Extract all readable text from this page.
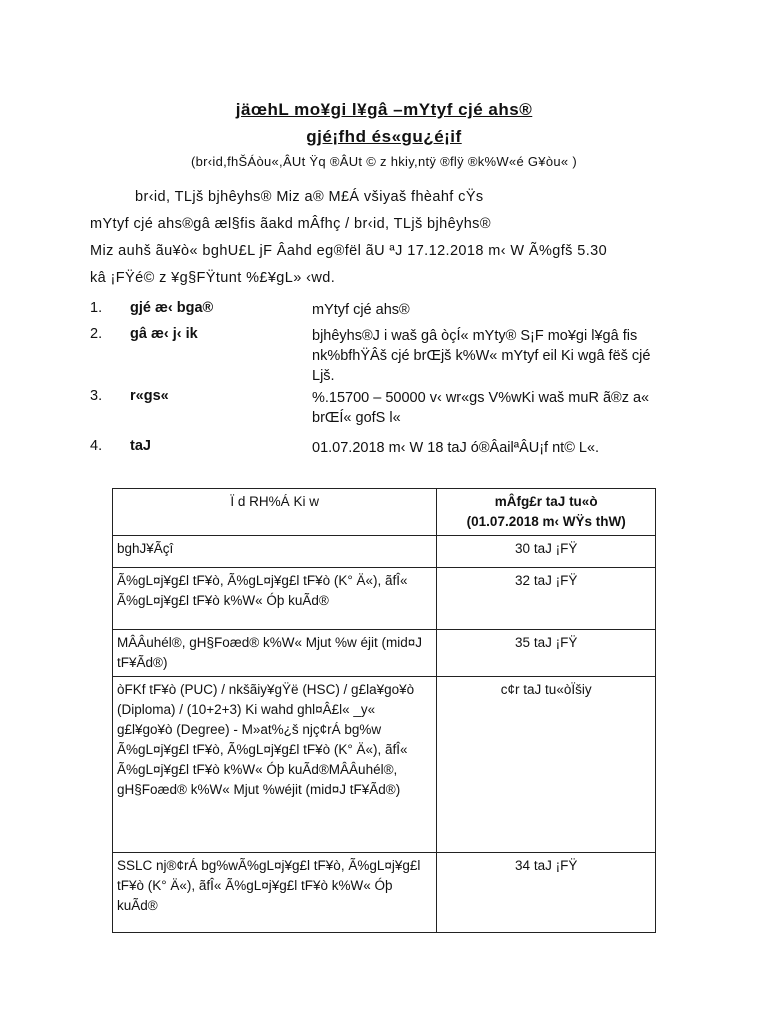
jäœhL mo¥gi l¥gâ –mYtyf cjé ahs®
gjé¡fhd és«gu¿é¡if
(br‹id,fhŠÁòu«,ÂUt Ÿq ®ÂUt © z hkiy,ntÿ ®flÿ ®k%W«é G¥òu« )
br‹id, TLjš bjhêyhs® Miz a® M£Á všiyaš fhèahf cŸs
mYtyf cjé ahs®gâ æl§fis ãakd mÂfhç / br‹id, TLjš bjhêyhs®
Miz auhš ãu¥ò« bghU£L jF Âahd eg®fël ãU ªJ 17.12.2018 m‹ W Ã%gfš 5.30
kâ ¡FŸé© z ¥g§FŸtunt %£¥gL» ‹wd.
1.	gjé æ‹ bga®	mYtyf cjé ahs®
2.	gâ æ‹ j‹ ik	bjhêyhs®J i waš gâ òçÍ« mYty® S¡F mo¥gi l¥gâ fis nk%bfhŸÂš cjé brŒjš k%W« mYtyf eil Ki wgâ fëš cjé Ljš.
3.	r«gs«	%.15700 – 50000 v‹ wr«gs V%wKi waš muR ã®z a« brŒÍ« gofS l«
4.	taJ	01.07.2018 m‹ W 18 taJ ó®ÂailªÂU¡f nt© L«.
Ï d RH%Á Ki w	mÂfg£r taJ tu«ò
(01.07.2018 m‹ WŸs thW)

bghJ¥Ãçî	30 taJ ¡FŸ
Ã%gL¤j¥g£l tF¥ò, Ã%gL¤j¥g£l tF¥ò (K° Ä«), ãfÎ« Ã%gL¤j¥g£l tF¥ò k%W« Óþ kuÃd®	32 taJ ¡FŸ
MÂÂuhél®, gH§Foæd® k%W« Mjut %w éjit (mid¤J tF¥Ãd®)	35 taJ ¡FŸ
òFKf tF¥ò (PUC) / nkšãiy¥gŸë (HSC) / g£la¥go¥ò (Diploma) / (10+2+3) Ki wahd ghl¤Â£l« _y« g£l¥go¥ò (Degree) - M»at%¿š njç¢rÁ bg%w Ã%gL¤j¥g£l tF¥ò, Ã%gL¤j¥g£l tF¥ò (K° Ä«), ãfÎ« Ã%gL¤j¥g£l tF¥ò k%W« Óþ kuÃd®MÂÂuhél®, gH§Foæd® k%W« Mjut %wéjit (mid¤J tF¥Ãd®)	c¢r taJ tu«òÏšiy
SSLC nj®¢rÁ bg%wÃ%gL¤j¥g£l tF¥ò, Ã%gL¤j¥g£l tF¥ò (K° Ä«), ãfÎ« Ã%gL¤j¥g£l tF¥ò k%W« Óþ kuÃd®	34 taJ ¡FŸ
